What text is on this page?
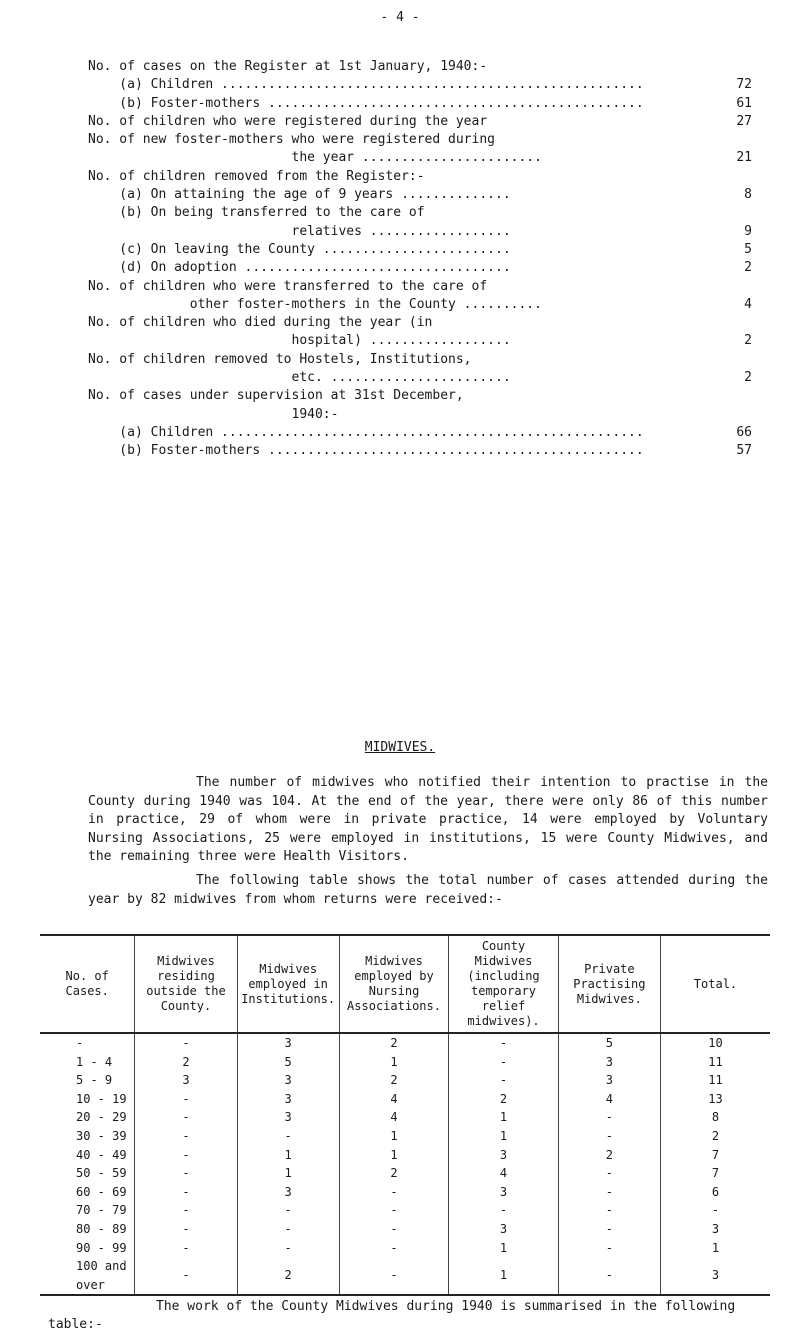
- 4 -
No. of cases on the Register at 1st January, 1940:-
(a) Children ......................................................	72
(b) Foster-mothers ................................................	61
No. of children who were registered during the year	27
No. of new foster-mothers who were registered during
the year .......................	21
No. of children removed from the Register:-
(a) On attaining the age of 9 years ..............	8
(b) On being transferred to the care of
relatives ..................	9
(c) On leaving the County ........................	5
(d) On adoption ..................................	2
No. of children who were transferred to the care of
other foster-mothers in the County ..........	4
No. of children who died during the year (in
hospital) ..................	2
No. of children removed to Hostels, Institutions,
etc. .......................	2
No. of cases under supervision at 31st December,
1940:-
(a) Children ......................................................	66
(b) Foster-mothers ................................................	57
MIDWIVES.
The number of midwives who notified their intention to practise in the County during 1940 was 104. At the end of the year, there were only 86 of this number in practice, 29 of whom were in private practice, 14 were employed by Voluntary Nursing Associations, 25 were employed in institutions, 15 were County Midwives, and the remaining three were Health Visitors.
The following table shows the total number of cases attended during the year by 82 midwives from whom returns were received:-
No. of Cases.	Midwives residing outside the County.	Midwives employed in Institutions.	Midwives employed by Nursing Associations.	County Midwives (including temporary relief midwives).	Private Practising Midwives.	Total.
-	-	3	2	-	5	10
1 - 4	2	5	1	-	3	11
5 - 9	3	3	2	-	3	11
10 - 19	-	3	4	2	4	13
20 - 29	-	3	4	1	-	8
30 - 39	-	-	1	1	-	2
40 - 49	-	1	1	3	2	7
50 - 59	-	1	2	4	-	7
60 - 69	-	3	-	3	-	6
70 - 79	-	-	-	-	-	-
80 - 89	-	-	-	3	-	3
90 - 99	-	-	-	1	-	1
100 and over	-	2	-	1	-	3
The work of the County Midwives during 1940 is summarised in the following table:-
